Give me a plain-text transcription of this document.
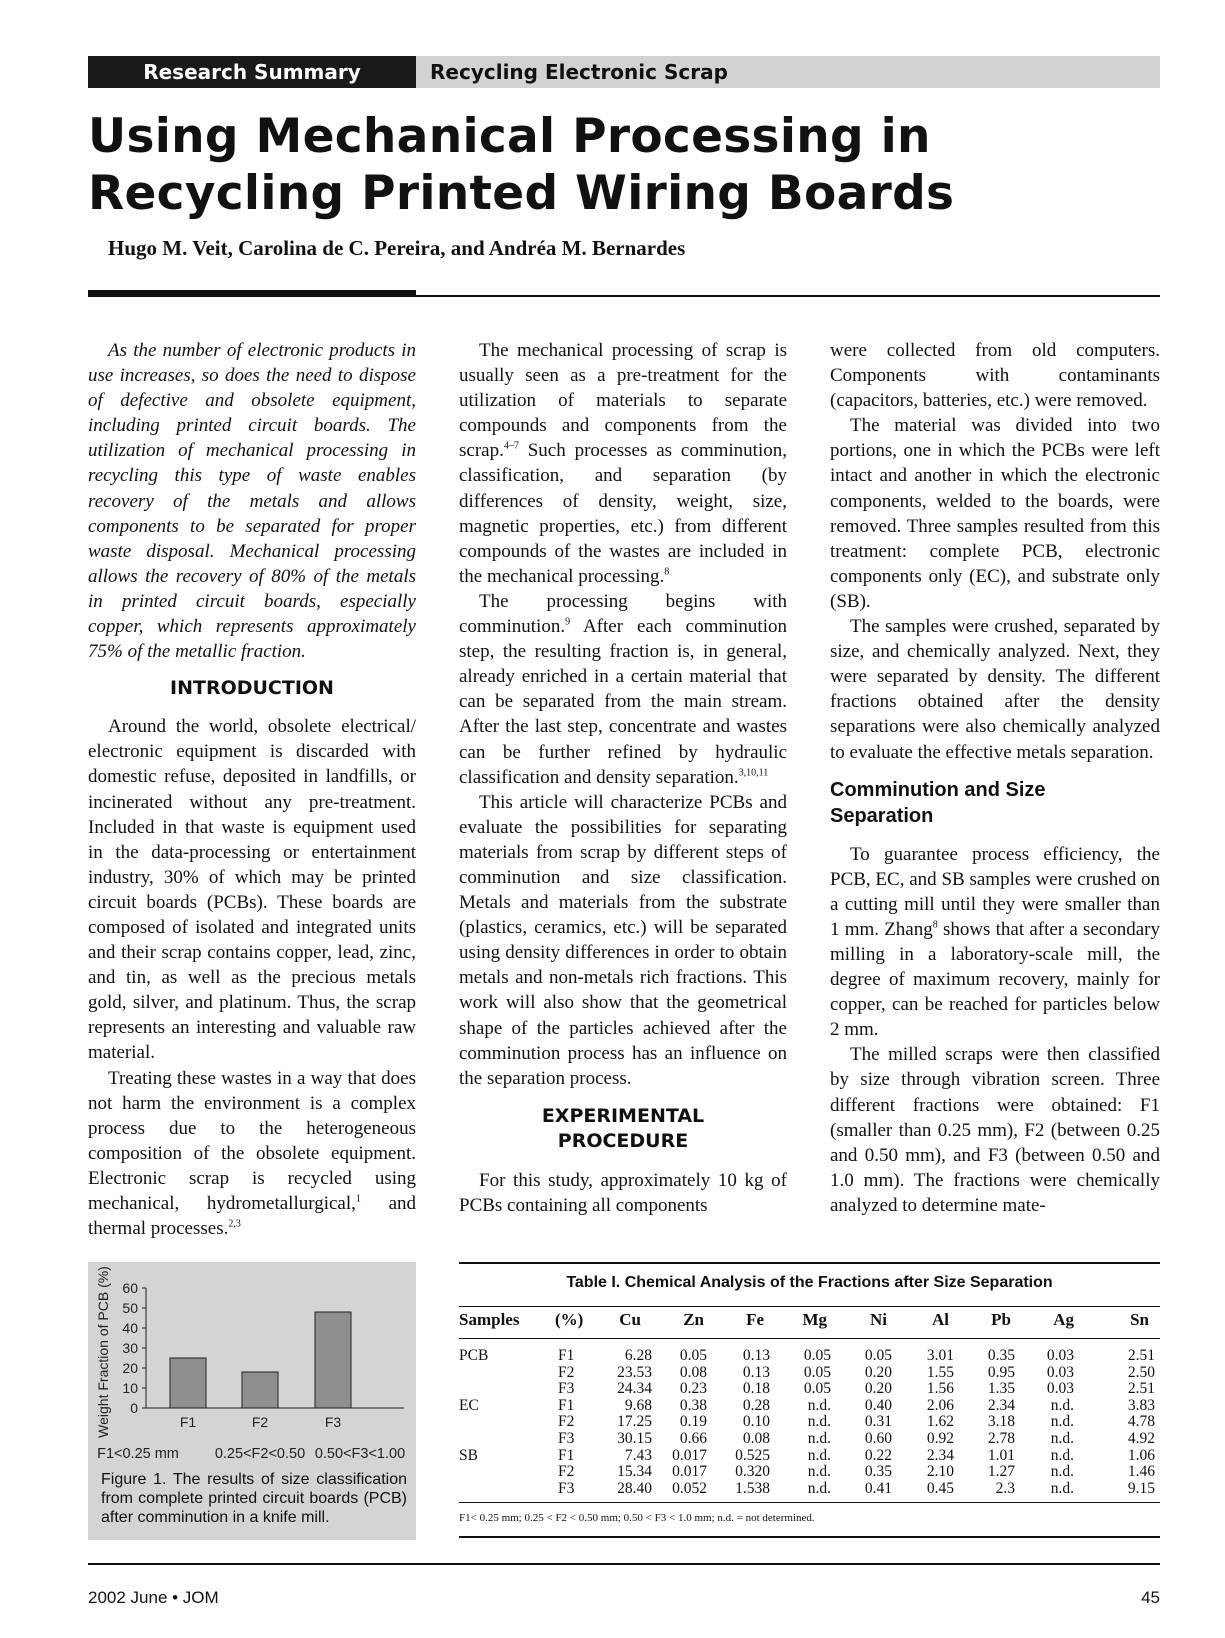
Research Summary	Recycling Electronic Scrap
Using Mechanical Processing in
Recycling Printed Wiring Boards
Hugo M. Veit, Carolina de C. Pereira, and Andréa M. Bernardes

As the number of electronic products in use increases, so does the need to dispose of defective and obsolete equipment, including printed circuit boards. The utilization of mechanical processing in recycling this type of waste enables recovery of the metals and allows components to be separated for proper waste disposal. Mechanical processing allows the recovery of 80% of the metals in printed circuit boards, especially copper, which represents approximately 75% of the metallic fraction.

INTRODUCTION

Around the world, obsolete electrical/ electronic equipment is discarded with domestic refuse, deposited in landfills, or incinerated without any pre-treatment. Included in that waste is equipment used in the data-processing or entertainment industry, 30% of which may be printed circuit boards (PCBs). These boards are composed of isolated and integrated units and their scrap contains copper, lead, zinc, and tin, as well as the precious metals gold, silver, and platinum. Thus, the scrap represents an interesting and valuable raw material.

Treating these wastes in a way that does not harm the environment is a complex process due to the heterogeneous composition of the obsolete equipment. Electronic scrap is recycled using mechanical, hydrometallurgical,$^1$ and thermal processes.$^{2,3}$

The mechanical processing of scrap is usually seen as a pre-treatment for the utilization of materials to separate compounds and components from the scrap.$^{4-7}$ Such processes as comminution, classification, and separation (by differences of density, weight, size, magnetic properties, etc.) from different compounds of the wastes are included in the mechanical processing.$^8$

The processing begins with comminution.$^9$ After each comminution step, the resulting fraction is, in general, already enriched in a certain material that can be separated from the main stream. After the last step, concentrate and wastes can be further refined by hydraulic classification and density separation.$^{3,10,11}$

This article will characterize PCBs and evaluate the possibilities for separating materials from scrap by different steps of comminution and size classification. Metals and materials from the substrate (plastics, ceramics, etc.) will be separated using density differences in order to obtain metals and non-metals rich fractions. This work will also show that the geometrical shape of the particles achieved after the comminution process has an influence on the separation process.

EXPERIMENTAL
PROCEDURE

For this study, approximately 10 kg of PCBs containing all components

were collected from old computers. Components with contaminants (capacitors, batteries, etc.) were removed.

The material was divided into two portions, one in which the PCBs were left intact and another in which the electronic components, welded to the boards, were removed. Three samples resulted from this treatment: complete PCB, electronic components only (EC), and substrate only (SB).

The samples were crushed, separated by size, and chemically analyzed. Next, they were separated by density. The different fractions obtained after the density separations were also chemically analyzed to evaluate the effective metals separation.

Comminution and Size Separation

To guarantee process efficiency, the PCB, EC, and SB samples were crushed on a cutting mill until they were smaller than 1 mm. Zhang$^8$ shows that after a secondary milling in a laboratory-scale mill, the degree of maximum recovery, mainly for copper, can be reached for particles below 2 mm.

The milled scraps were then classified by size through vibration screen. Three different fractions were obtained: F1 (smaller than 0.25 mm), F2 (between 0.25 and 0.50 mm), and F3 (between 0.50 and 1.0 mm). The fractions were chemically analyzed to determine mate-

0
10
20
30
40
50
60
Weight Fraction of PCB (%)	F1	F2	F3
F1<0.25 mm 0.25<F2<0.50 0.50<F3<1.00
Figure 1. The results of size classification from complete printed circuit boards (PCB) after comminution in a knife mill.
Table I. Chemical Analysis of the Fractions after Size Separation
F1< 0.25 mm; 0.25 < F2 < 0.50 mm; 0.50 < F3 < 1.0 mm; n.d. = not determined.
Samples (%) Cu Zn Fe Mg	Ni	Al Pb Ag	Sn
PCB	F1	6.28 0.05 0.13 0.05 0.05 3.01 0.35 0.03	2.51
F2	23.53 0.08 0.13 0.05 0.20 1.55 0.95 0.03	2.50
F3	24.34 0.23 0.18 0.05 0.20 1.56 1.35 0.03	2.51
EC	F1	9.68 0.38 0.28 n.d. 0.40 2.06 2.34 n.d.	3.83
F2	17.25 0.19 0.10 n.d. 0.31 1.62 3.18 n.d.	4.78
F3	30.15 0.66 0.08 n.d. 0.60 0.92 2.78 n.d.	4.92
SB	F1	7.43 0.017 0.525 n.d. 0.22 2.34 1.01 n.d.	1.06
F2	15.34 0.017 0.320 n.d. 0.35 2.10 1.27 n.d.	1.46
F3	28.40 0.052 1.538 n.d. 0.41 0.45	2.3 n.d.	9.15
2002 June • JOM	45
